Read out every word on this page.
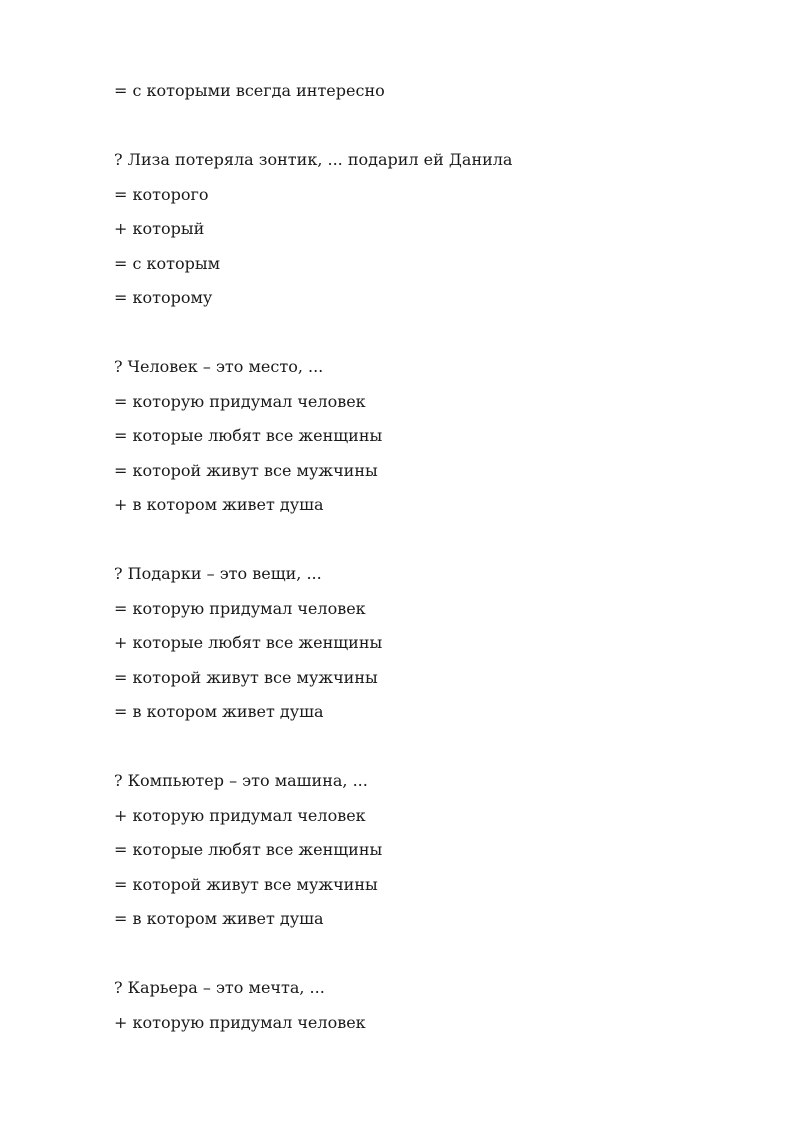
= с которыми всегда интересно
? Лиза потеряла зонтик, ... подарил ей Данила
= которого
+ который
= с которым
= которому
? Человек – это место, ...
= которую придумал человек
= которые любят все женщины
= которой живут все мужчины
+ в котором живет душа
? Подарки – это вещи, ...
= которую придумал человек
+ которые любят все женщины
= которой живут все мужчины
= в котором живет душа
? Компьютер – это машина, ...
+ которую придумал человек
= которые любят все женщины
= которой живут все мужчины
= в котором живет душа
? Карьера – это мечта, ...
+ которую придумал человек
